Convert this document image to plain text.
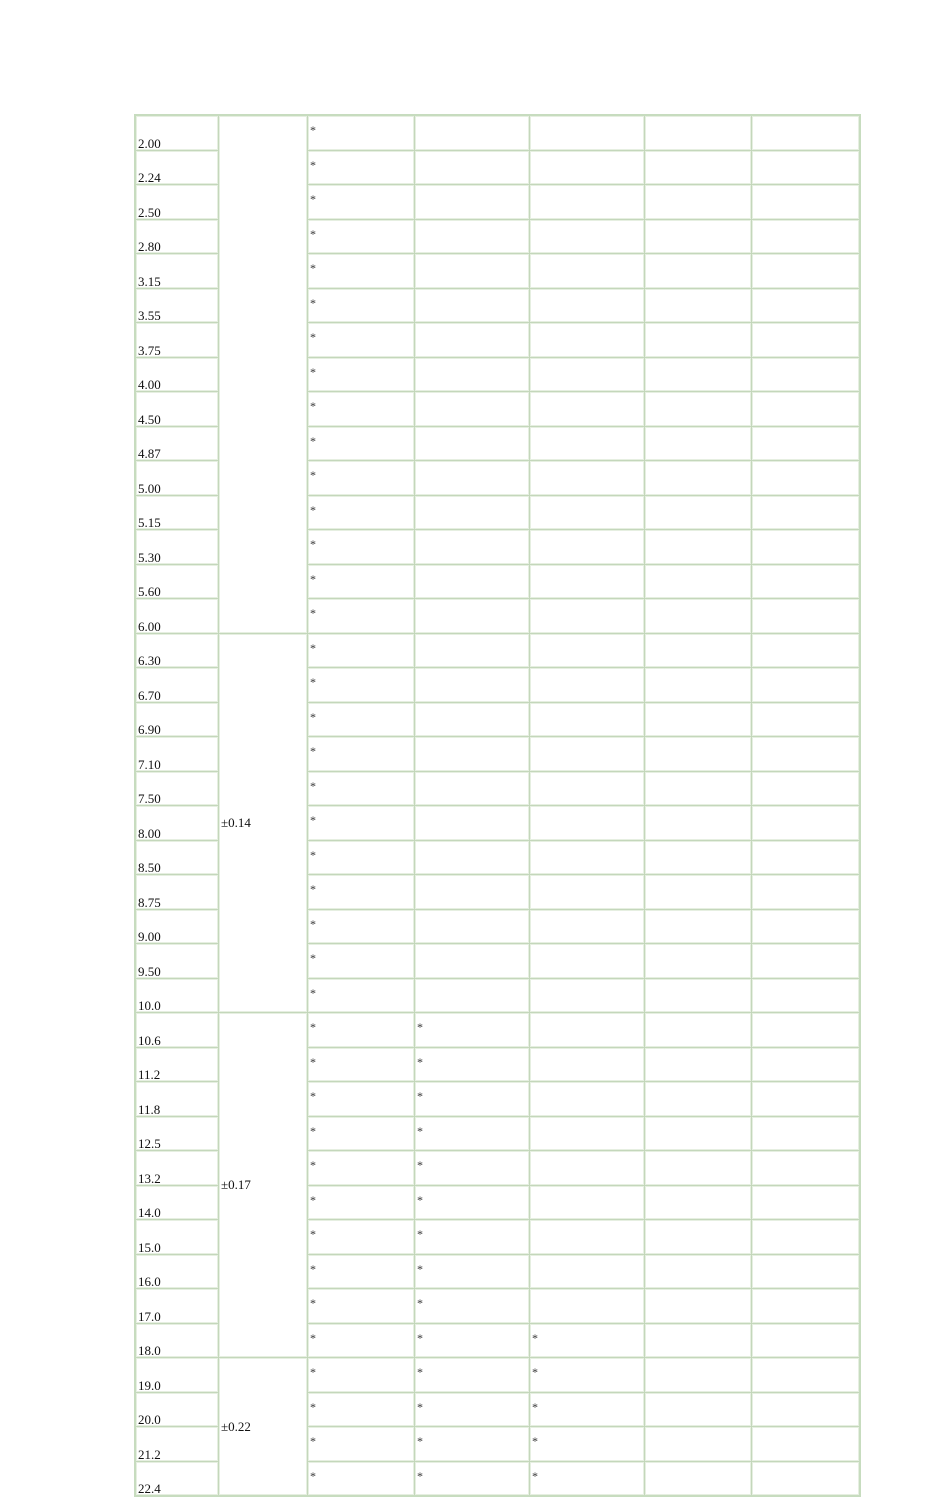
2.00		*				
2.24		*				
2.50		*				
2.80		*				
3.15		*				
3.55		*				
3.75		*				
4.00		*				
4.50		*				
4.87		*				
5.00		*				
5.15		*				
5.30		*				
5.60		*				
6.00		*				
6.30	±0.14	*				
6.70		*				
6.90		*				
7.10		*				
7.50		*				
8.00		*				
8.50		*				
8.75		*				
9.00		*				
9.50		*				
10.0		*				
10.6	±0.17	*	*			
11.2		*	*			
11.8		*	*			
12.5		*	*			
13.2		*	*			
14.0		*	*			
15.0		*	*			
16.0		*	*			
17.0		*	*			
18.0		*	*	*		
19.0	±0.22	*	*	*		
20.0		*	*	*		
21.2		*	*	*		
22.4		*	*	*		
